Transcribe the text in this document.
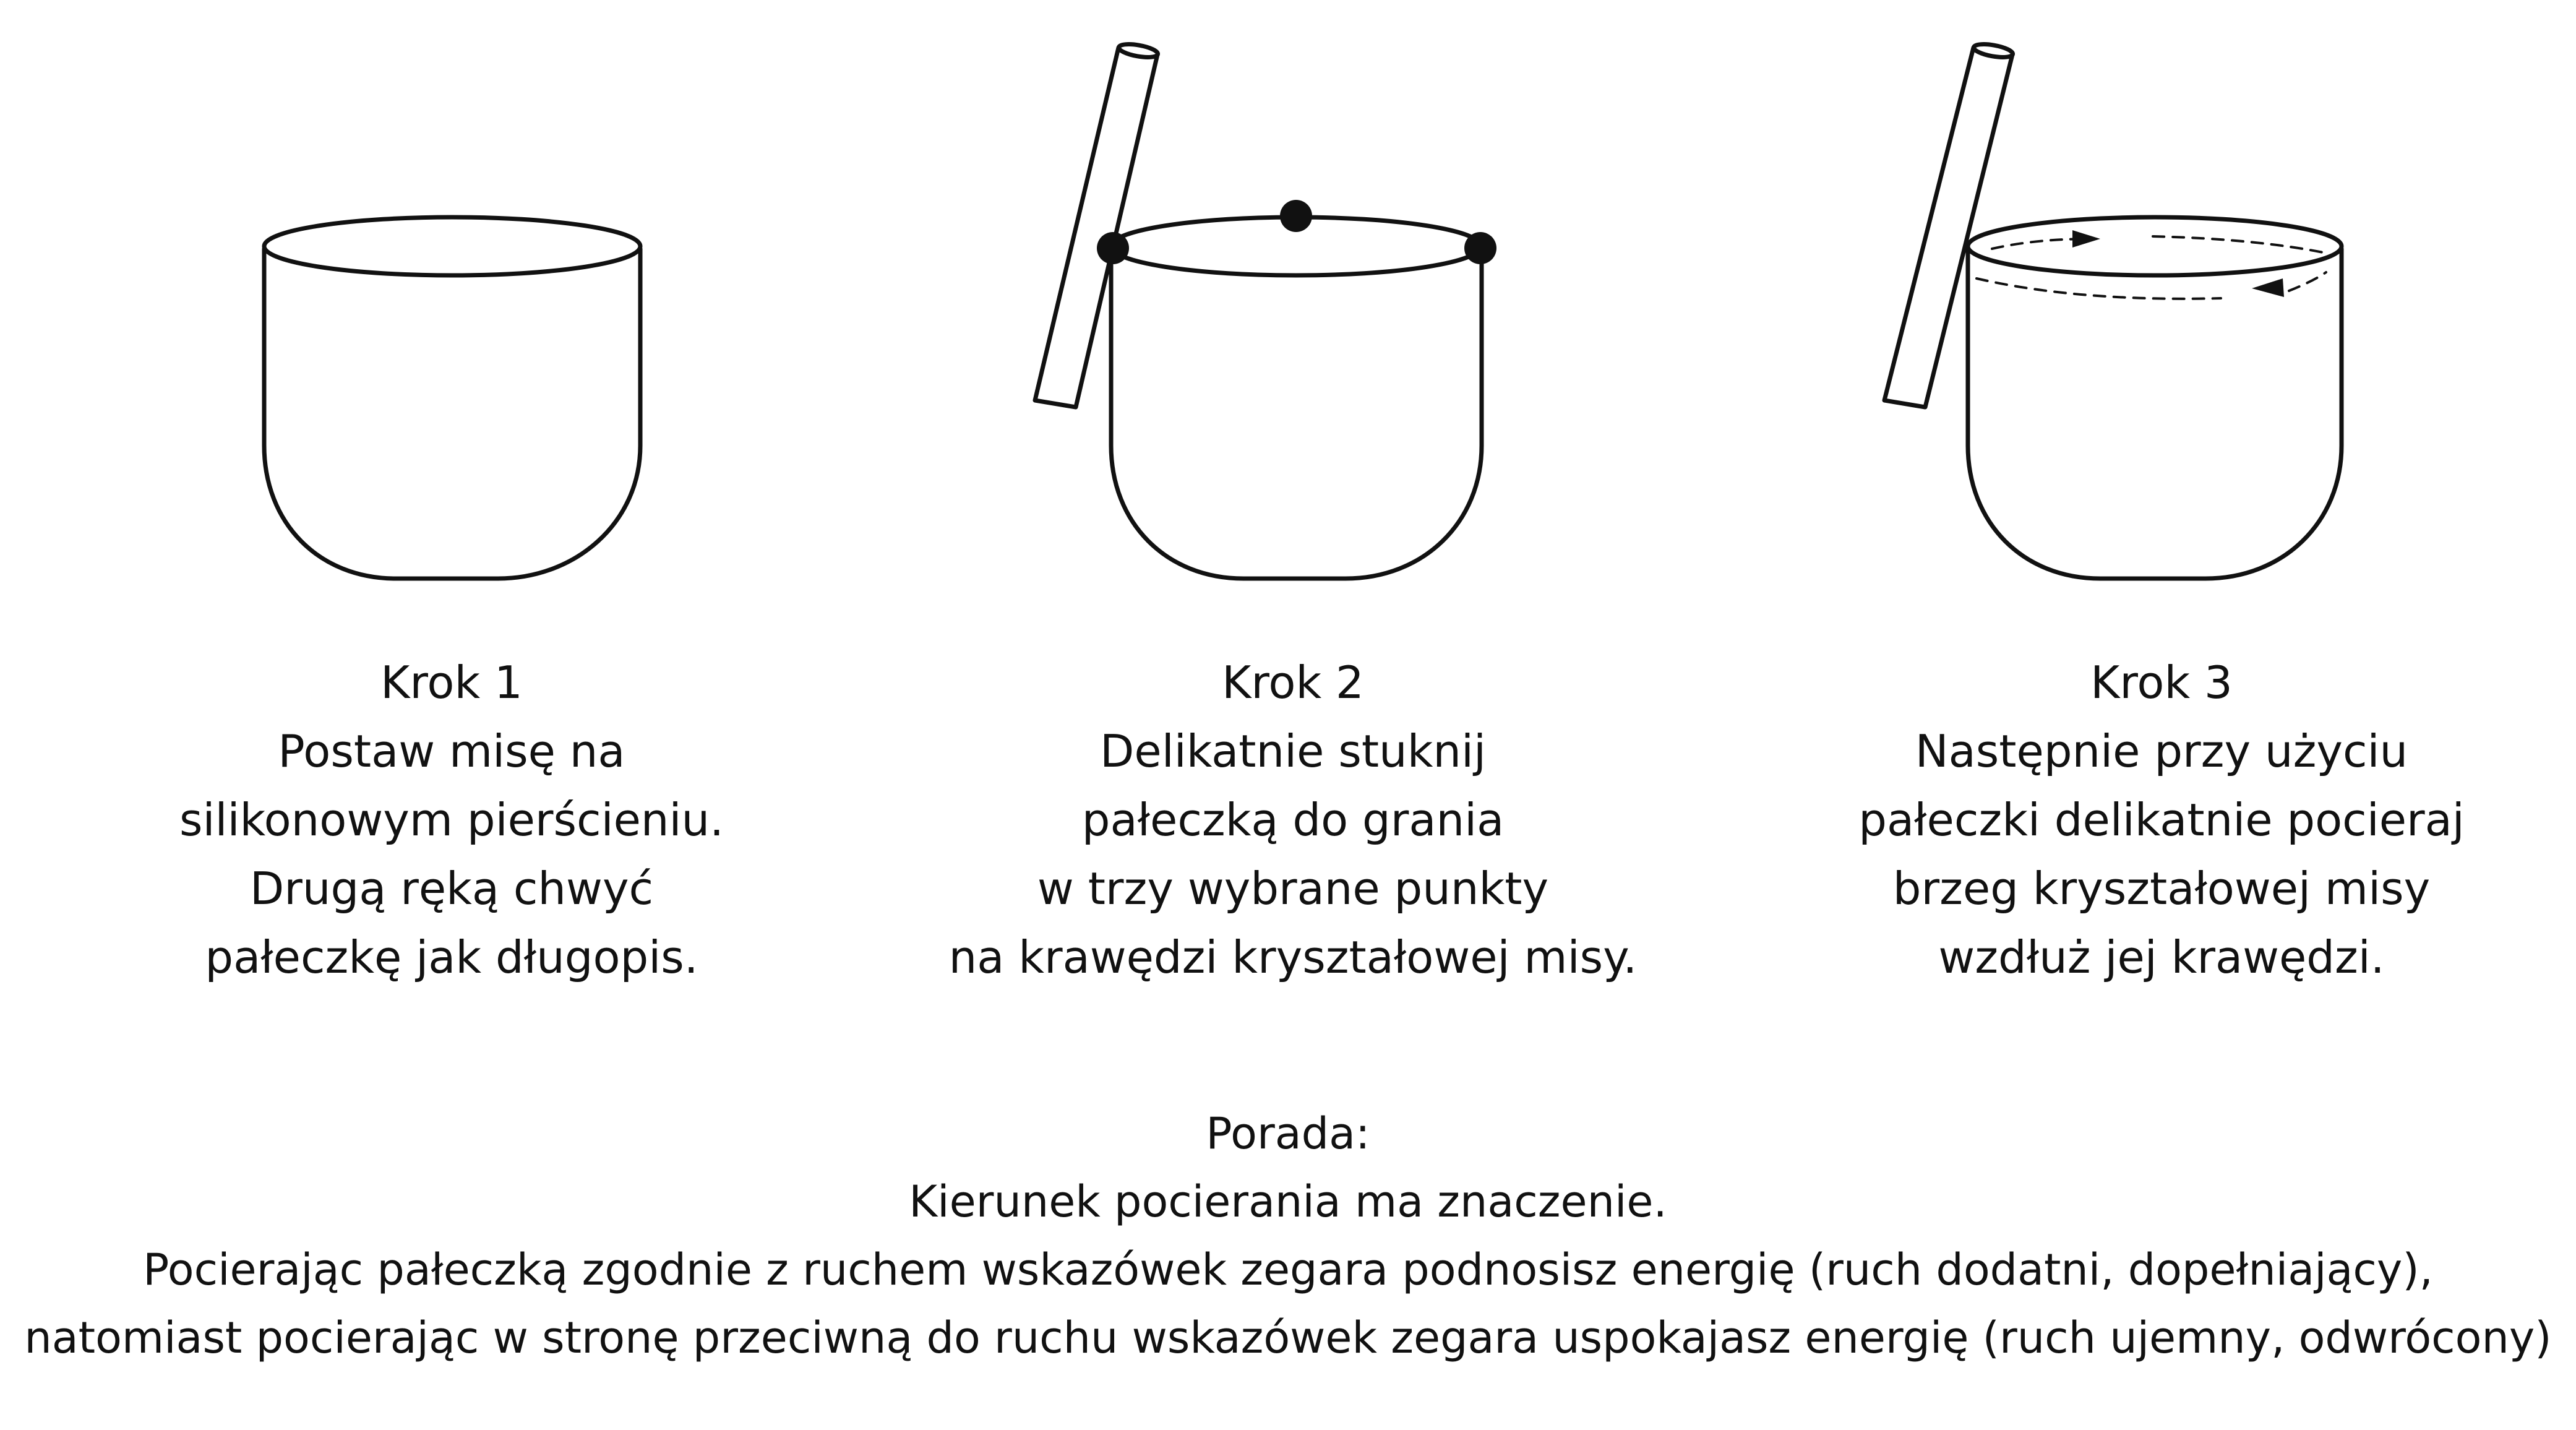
Krok 1
Postaw misę na
silikonowym pierścieniu.
Drugą ręką chwyć
pałeczkę jak długopis.
Krok 2
Delikatnie stuknij
pałeczką do grania
w trzy wybrane punkty
na krawędzi kryształowej misy.
Krok 3
Następnie przy użyciu
pałeczki delikatnie pocieraj
brzeg kryształowej misy
wzdłuż jej krawędzi.
Porada:
Kierunek pocierania ma znaczenie.
Pocierając pałeczką zgodnie z ruchem wskazówek zegara podnosisz energię (ruch dodatni, dopełniający),
natomiast pocierając w stronę przeciwną do ruchu wskazówek zegara uspokajasz energię (ruch ujemny, odwrócony)
